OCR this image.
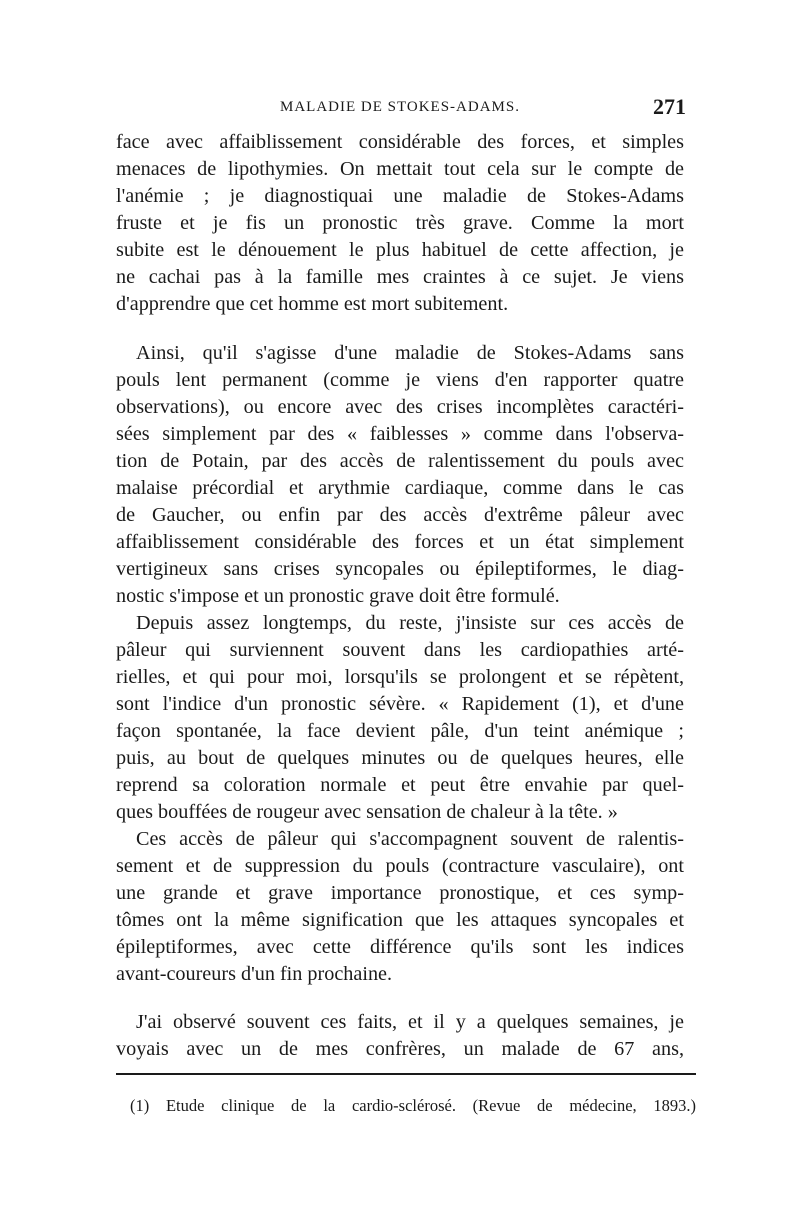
MALADIE DE STOKES-ADAMS.	271
face avec affaiblissement considérable des forces, et simples
menaces de lipothymies. On mettait tout cela sur le compte de
l'anémie ; je diagnostiquai une maladie de Stokes-Adams
fruste et je fis un pronostic très grave. Comme la mort
subite est le dénouement le plus habituel de cette affection, je
ne cachai pas à la famille mes craintes à ce sujet. Je viens
d'apprendre que cet homme est mort subitement.
Ainsi, qu'il s'agisse d'une maladie de Stokes-Adams sans
pouls lent permanent (comme je viens d'en rapporter quatre
observations), ou encore avec des crises incomplètes caractéri-
sées simplement par des « faiblesses » comme dans l'observa-
tion de Potain, par des accès de ralentissement du pouls avec
malaise précordial et arythmie cardiaque, comme dans le cas
de Gaucher, ou enfin par des accès d'extrême pâleur avec
affaiblissement considérable des forces et un état simplement
vertigineux sans crises syncopales ou épileptiformes, le diag-
nostic s'impose et un pronostic grave doit être formulé.
Depuis assez longtemps, du reste, j'insiste sur ces accès de
pâleur qui surviennent souvent dans les cardiopathies arté-
rielles, et qui pour moi, lorsqu'ils se prolongent et se répètent,
sont l'indice d'un pronostic sévère. « Rapidement (1), et d'une
façon spontanée, la face devient pâle, d'un teint anémique ;
puis, au bout de quelques minutes ou de quelques heures, elle
reprend sa coloration normale et peut être envahie par quel-
ques bouffées de rougeur avec sensation de chaleur à la tête. »
Ces accès de pâleur qui s'accompagnent souvent de ralentis-
sement et de suppression du pouls (contracture vasculaire), ont
une grande et grave importance pronostique, et ces symp-
tômes ont la même signification que les attaques syncopales et
épileptiformes, avec cette différence qu'ils sont les indices
avant-coureurs d'un fin prochaine.
J'ai observé souvent ces faits, et il y a quelques semaines, je
voyais avec un de mes confrères, un malade de 67 ans,
(1) Etude clinique de la cardio-sclérosé. (Revue de médecine, 1893.)
